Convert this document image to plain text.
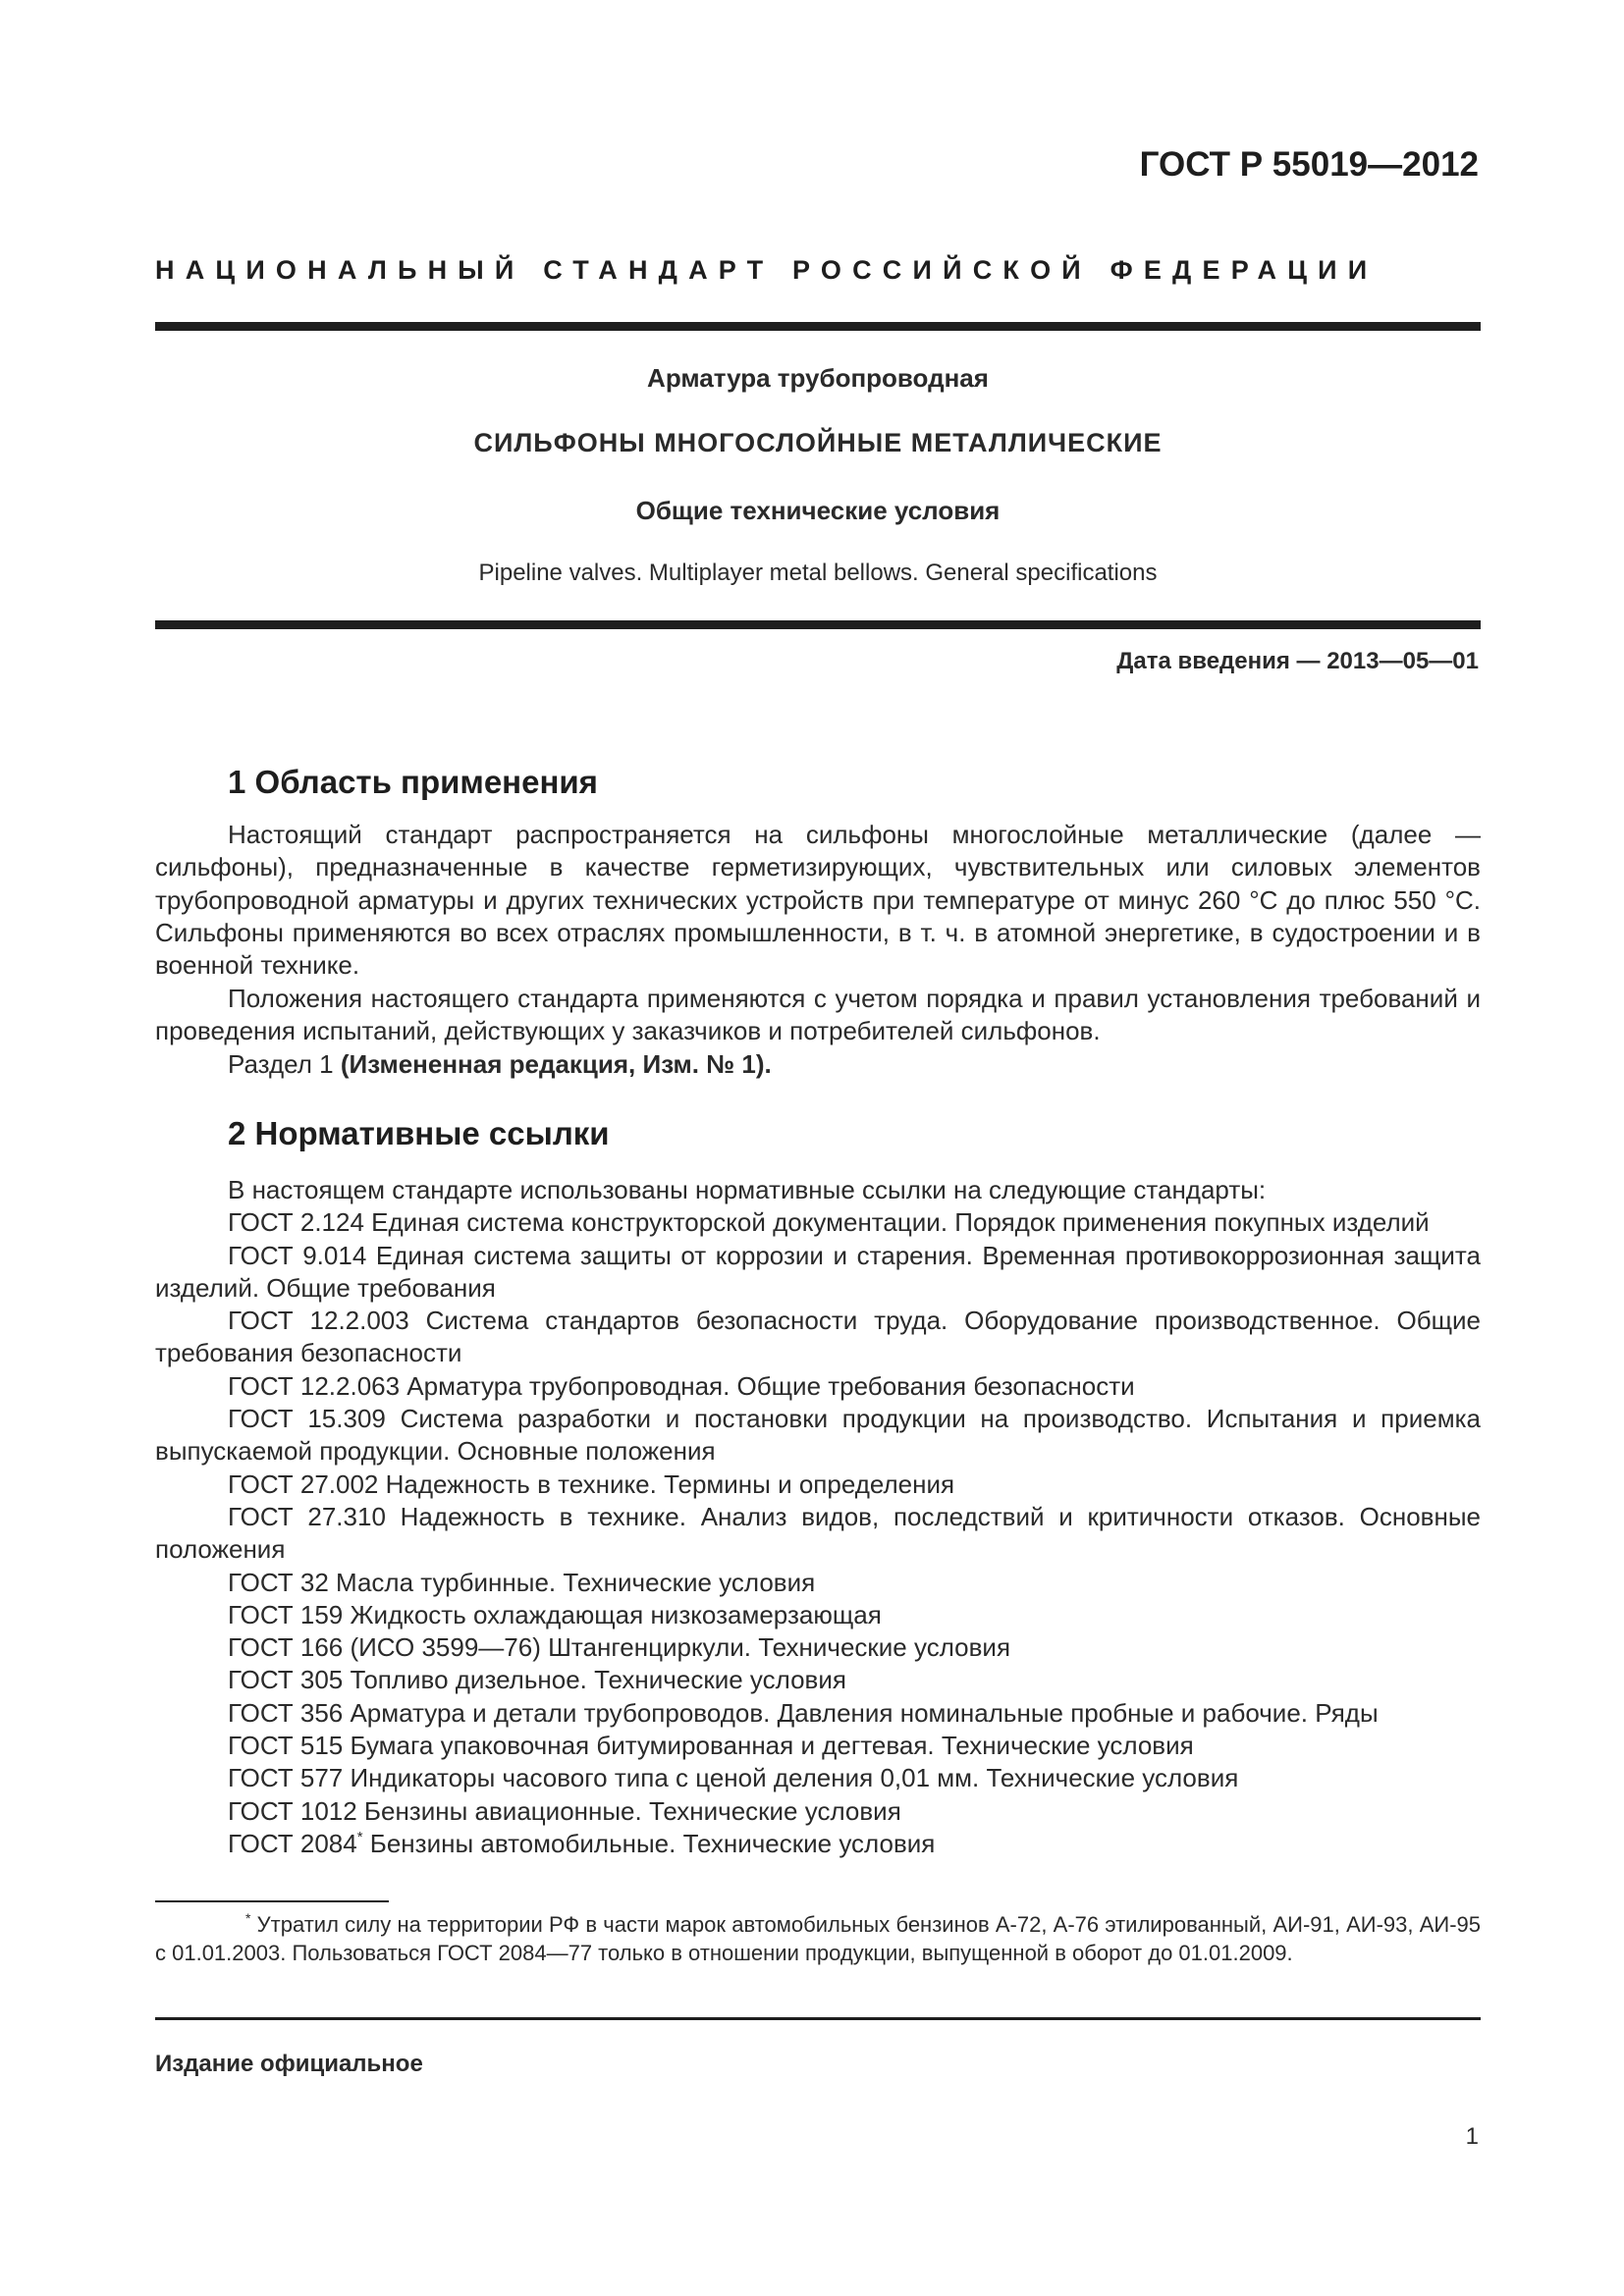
ГОСТ Р 55019—2012
НАЦИОНАЛЬНЫЙ СТАНДАРТ РОССИЙСКОЙ ФЕДЕРАЦИИ
Арматура трубопроводная
СИЛЬФОНЫ МНОГОСЛОЙНЫЕ МЕТАЛЛИЧЕСКИЕ
Общие технические условия
Pipeline valves. Multiplayer metal bellows. General specifications
Дата введения — 2013—05—01
1 Область применения

Настоящий стандарт распространяется на сильфоны многослойные металлические (далее — сильфоны), предназначенные в качестве герметизирующих, чувствительных или силовых элементов трубопроводной арматуры и других технических устройств при температуре от минус 260 °С до плюс 550 °С. Сильфоны применяются во всех отраслях промышленности, в т. ч. в атомной энергетике, в судостроении и в военной технике.

Положения настоящего стандарта применяются с учетом порядка и правил установления требований и проведения испытаний, действующих у заказчиков и потребителей сильфонов.

Раздел 1 (Измененная редакция, Изм. № 1).

2 Нормативные ссылки
В настоящем стандарте использованы нормативные ссылки на следующие стандарты:
ГОСТ 2.124 Единая система конструкторской документации. Порядок применения покупных изделий
ГОСТ 9.014 Единая система защиты от коррозии и старения. Временная противокоррозионная защита изделий. Общие требования
ГОСТ 12.2.003 Система стандартов безопасности труда. Оборудование производственное. Общие требования безопасности
ГОСТ 12.2.063 Арматура трубопроводная. Общие требования безопасности
ГОСТ 15.309 Система разработки и постановки продукции на производство. Испытания и приемка выпускаемой продукции. Основные положения
ГОСТ 27.002 Надежность в технике. Термины и определения
ГОСТ 27.310 Надежность в технике. Анализ видов, последствий и критичности отказов. Основные положения
ГОСТ 32 Масла турбинные. Технические условия
ГОСТ 159 Жидкость охлаждающая низкозамерзающая
ГОСТ 166 (ИСО 3599—76) Штангенциркули. Технические условия
ГОСТ 305 Топливо дизельное. Технические условия
ГОСТ 356 Арматура и детали трубопроводов. Давления номинальные пробные и рабочие. Ряды
ГОСТ 515 Бумага упаковочная битумированная и дегтевая. Технические условия
ГОСТ 577 Индикаторы часового типа с ценой деления 0,01 мм. Технические условия
ГОСТ 1012 Бензины авиационные. Технические условия
ГОСТ 2084* Бензины автомобильные. Технические условия

* Утратил силу на территории РФ в части марок автомобильных бензинов А-72, А-76 этилированный, АИ-91, АИ-93, АИ-95 с 01.01.2003. Пользоваться ГОСТ 2084—77 только в отношении продукции, выпущенной в оборот до 01.01.2009.

Издание официальное
1
